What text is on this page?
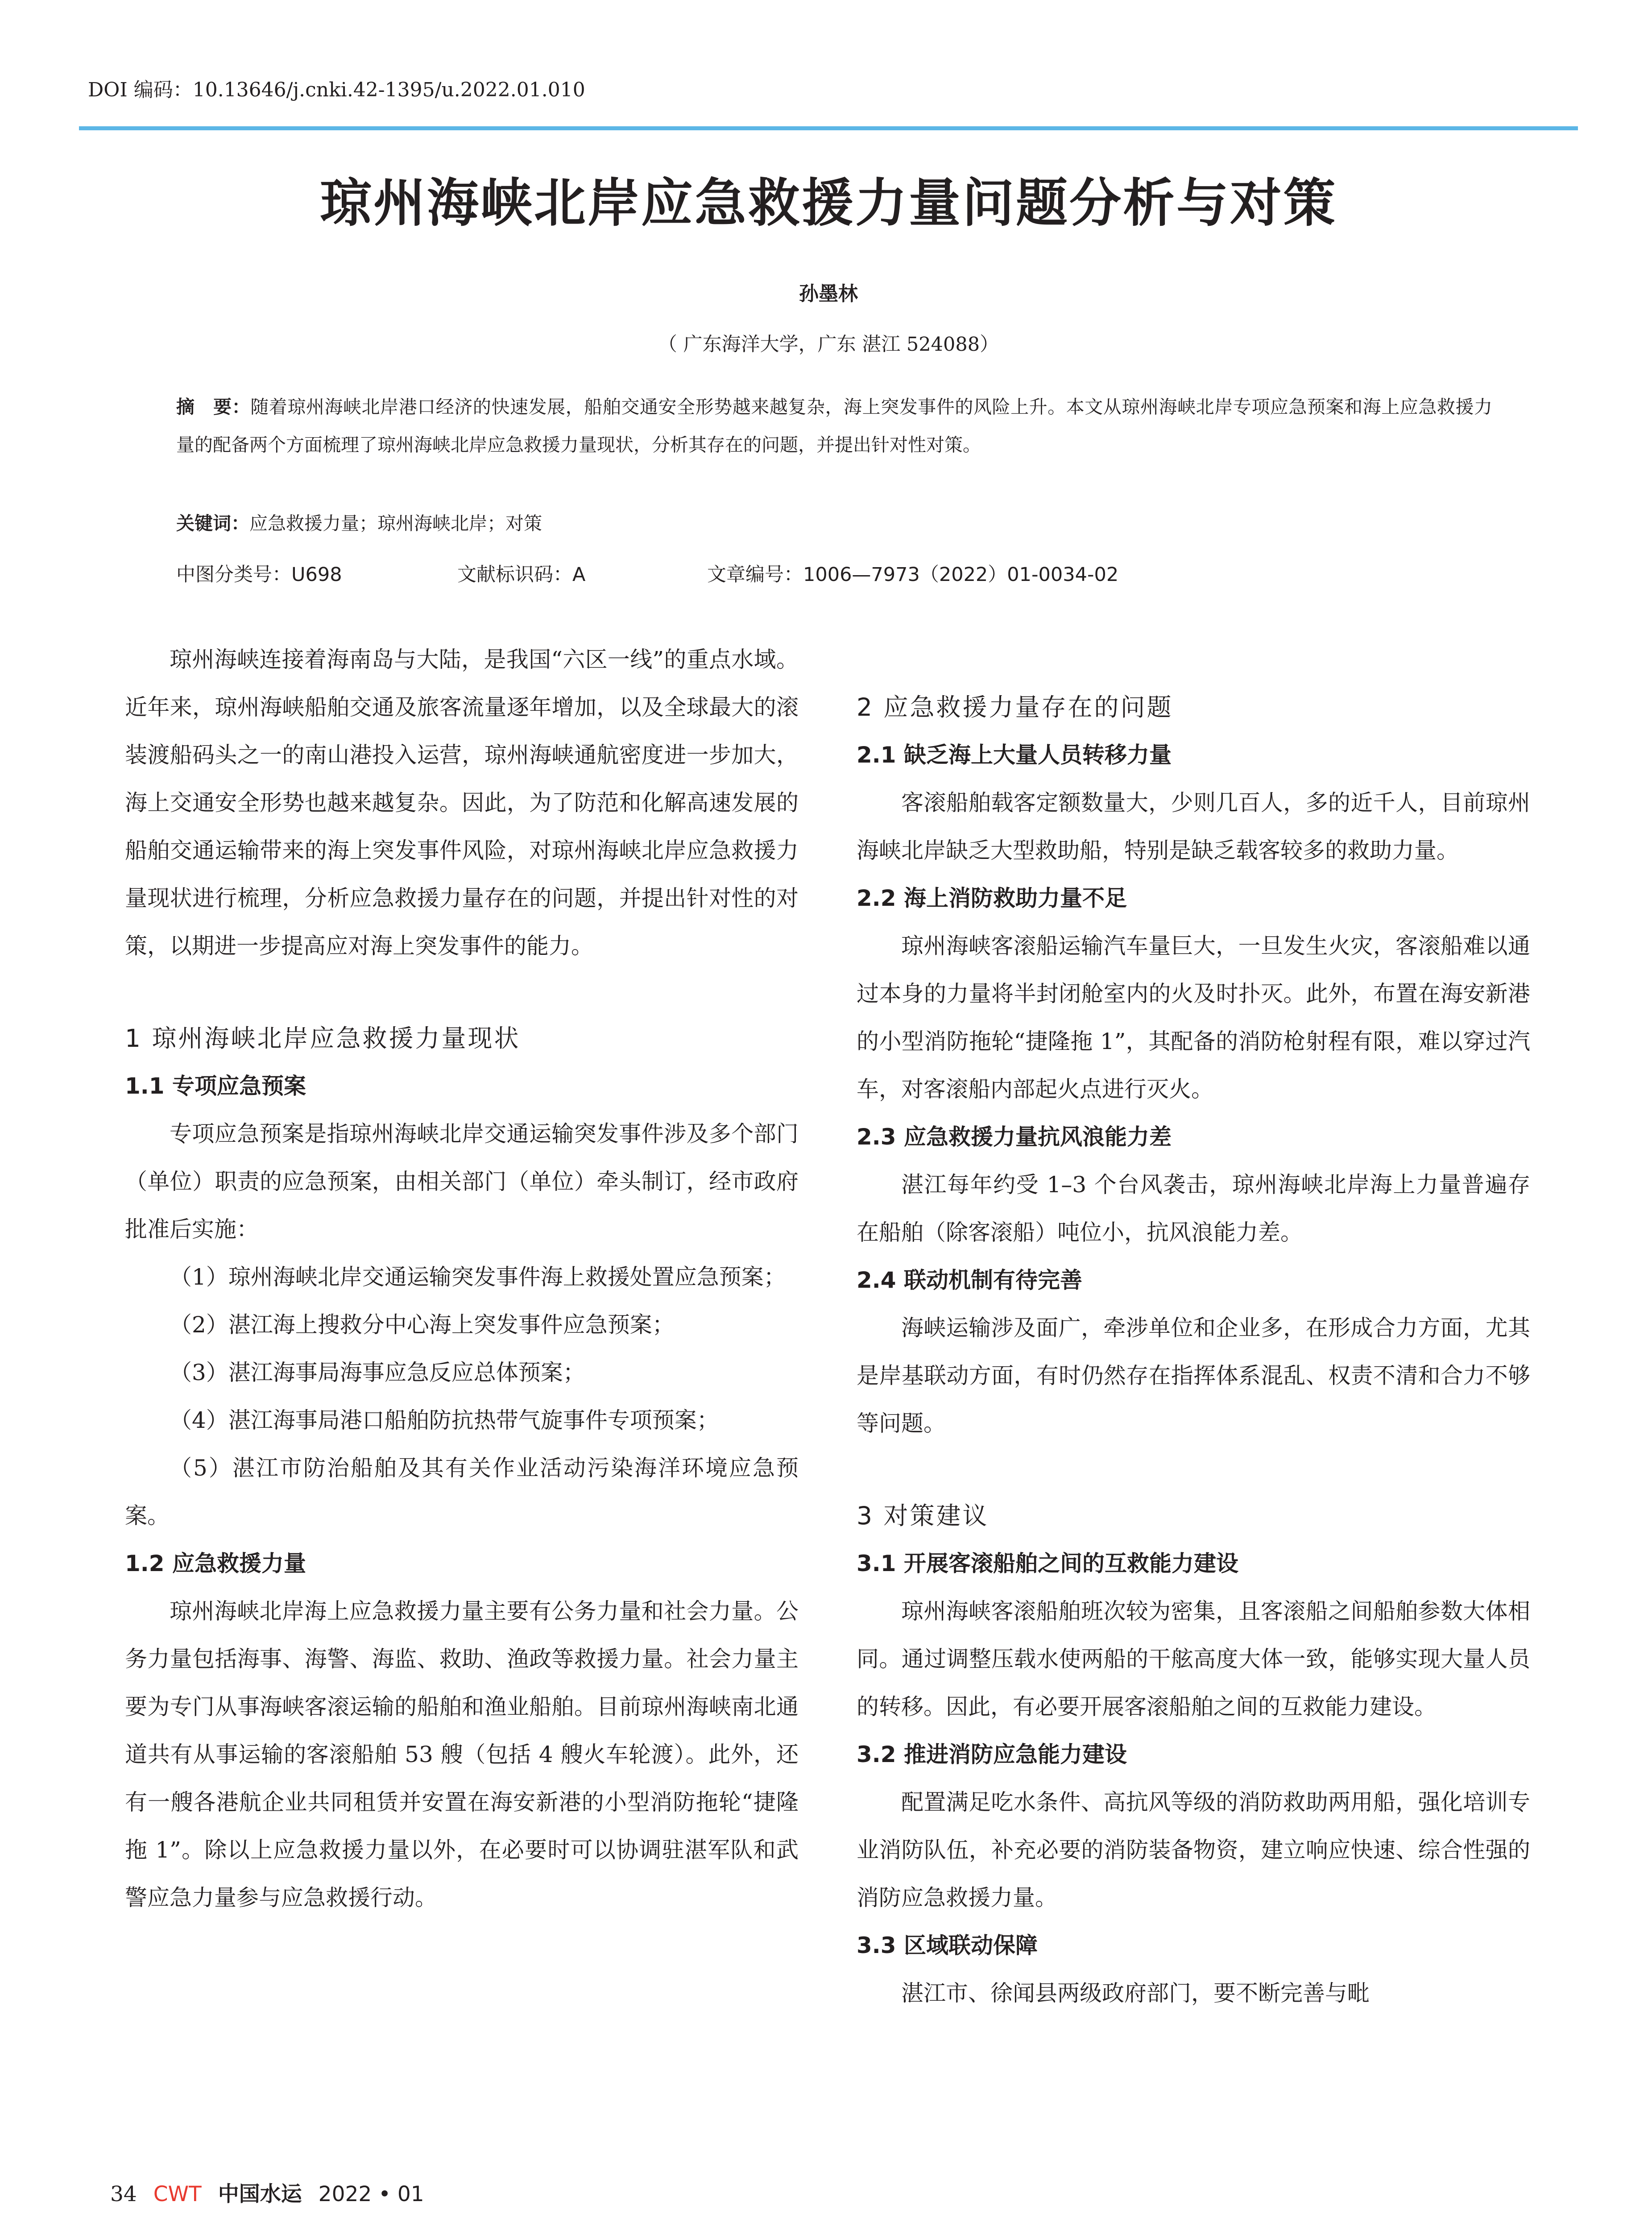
DOI 编码：10.13646/j.cnki.42-1395/u.2022.01.010
琼州海峡北岸应急救援力量问题分析与对策
孙墨林
（ 广东海洋大学，广东 湛江 524088）
摘　要：随着琼州海峡北岸港口经济的快速发展，船舶交通安全形势越来越复杂，海上突发事件的风险上升。本文从琼州海峡北岸专项应急预案和海上应急救援力量的配备两个方面梳理了琼州海峡北岸应急救援力量现状，分析其存在的问题，并提出针对性对策。
关键词：应急救援力量；琼州海峡北岸；对策
中图分类号：U698	文献标识码：A	文章编号：1006—7973（2022）01-0034-02

琼州海峡连接着海南岛与大陆，是我国“六区一线”的重点水域。近年来，琼州海峡船舶交通及旅客流量逐年增加，以及全球最大的滚装渡船码头之一的南山港投入运营，琼州海峡通航密度进一步加大，海上交通安全形势也越来越复杂。因此，为了防范和化解高速发展的船舶交通运输带来的海上突发事件风险，对琼州海峡北岸应急救援力量现状进行梳理，分析应急救援力量存在的问题，并提出针对性的对策，以期进一步提高应对海上突发事件的能力。

1 琼州海峡北岸应急救援力量现状

1.1 专项应急预案

专项应急预案是指琼州海峡北岸交通运输突发事件涉及多个部门（单位）职责的应急预案，由相关部门（单位）牵头制订，经市政府批准后实施：

（1）琼州海峡北岸交通运输突发事件海上救援处置应急预案；

（2）湛江海上搜救分中心海上突发事件应急预案；

（3）湛江海事局海事应急反应总体预案；

（4）湛江海事局港口船舶防抗热带气旋事件专项预案；

（5）湛江市防治船舶及其有关作业活动污染海洋环境应急预案。

1.2 应急救援力量

琼州海峡北岸海上应急救援力量主要有公务力量和社会力量。公务力量包括海事、海警、海监、救助、渔政等救援力量。社会力量主要为专门从事海峡客滚运输的船舶和渔业船舶。目前琼州海峡南北通道共有从事运输的客滚船舶 53 艘（包括 4 艘火车轮渡）。此外，还有一艘各港航企业共同租赁并安置在海安新港的小型消防拖轮“捷隆拖 1”。除以上应急救援力量以外，在必要时可以协调驻湛军队和武警应急力量参与应急救援行动。

2 应急救援力量存在的问题

2.1 缺乏海上大量人员转移力量

客滚船舶载客定额数量大，少则几百人，多的近千人，目前琼州海峡北岸缺乏大型救助船，特别是缺乏载客较多的救助力量。

2.2 海上消防救助力量不足

琼州海峡客滚船运输汽车量巨大，一旦发生火灾，客滚船难以通过本身的力量将半封闭舱室内的火及时扑灭。此外，布置在海安新港的小型消防拖轮“捷隆拖 1”，其配备的消防枪射程有限，难以穿过汽车，对客滚船内部起火点进行灭火。

2.3 应急救援力量抗风浪能力差

湛江每年约受 1–3 个台风袭击，琼州海峡北岸海上力量普遍存在船舶（除客滚船）吨位小，抗风浪能力差。

2.4 联动机制有待完善

海峡运输涉及面广，牵涉单位和企业多，在形成合力方面，尤其是岸基联动方面，有时仍然存在指挥体系混乱、权责不清和合力不够等问题。

3 对策建议

3.1 开展客滚船舶之间的互救能力建设

琼州海峡客滚船舶班次较为密集，且客滚船之间船舶参数大体相同。通过调整压载水使两船的干舷高度大体一致，能够实现大量人员的转移。因此，有必要开展客滚船舶之间的互救能力建设。

3.2 推进消防应急能力建设

配置满足吃水条件、高抗风等级的消防救助两用船，强化培训专业消防队伍，补充必要的消防装备物资，建立响应快速、综合性强的消防应急救援力量。

3.3 区域联动保障

湛江市、徐闻县两级政府部门，要不断完善与毗

34 CWT 中国水运 2022 • 01
